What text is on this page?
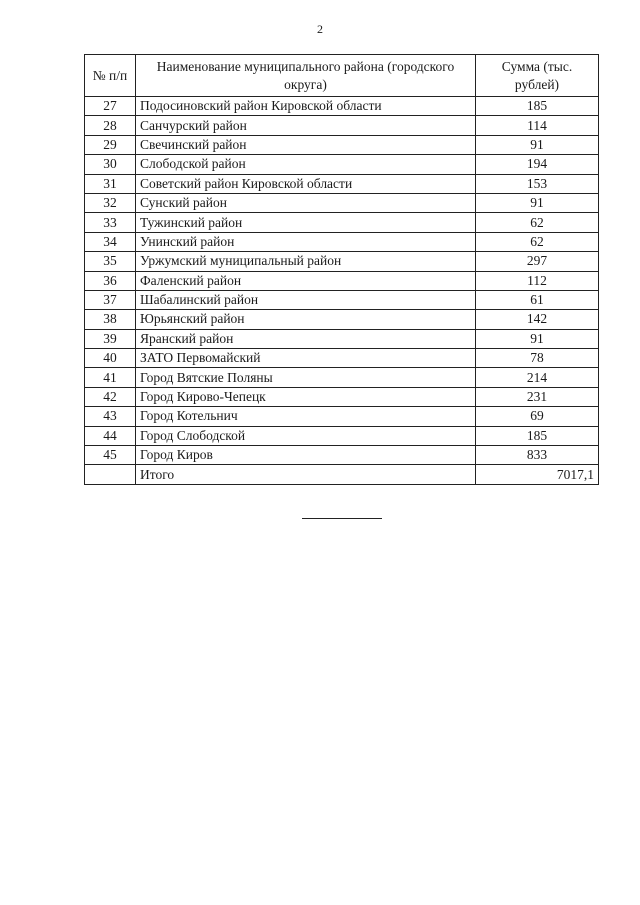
2
№ п/п	Наименование муниципального района (городского округа)	Сумма (тыс. рублей)
27	Подосиновский район Кировской области	185
28	Санчурский район	114
29	Свечинский район	91
30	Слободской район	194
31	Советский район Кировской области	153
32	Сунский район	91
33	Тужинский район	62
34	Унинский район	62
35	Уржумский муниципальный район	297
36	Фаленский район	112
37	Шабалинский район	61
38	Юрьянский район	142
39	Яранский район	91
40	ЗАТО Первомайский	78
41	Город Вятские Поляны	214
42	Город Кирово-Чепецк	231
43	Город Котельнич	69
44	Город Слободской	185
45	Город Киров	833
	Итого	7017,1
